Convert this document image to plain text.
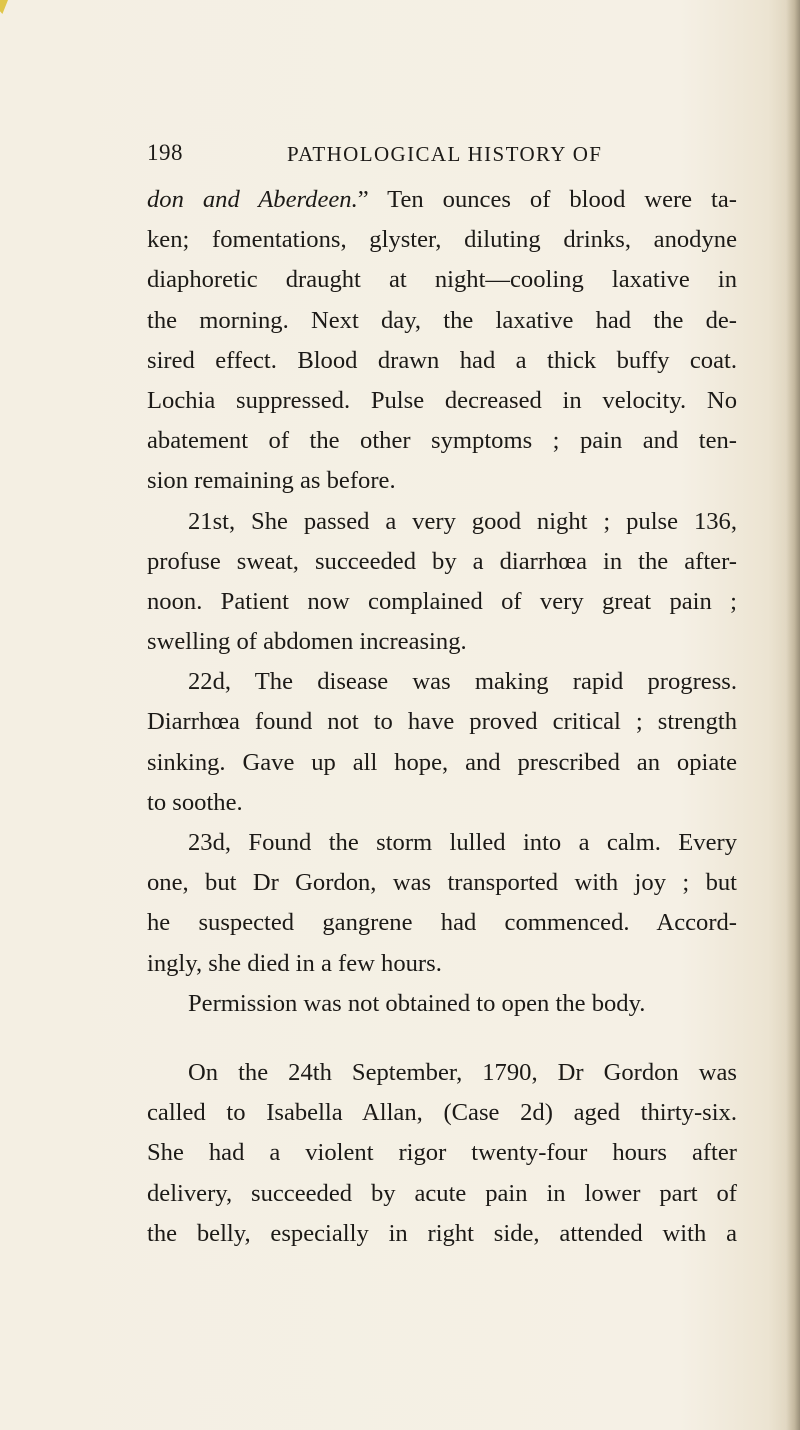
198	PATHOLOGICAL HISTORY OF
don and Aberdeen.” Ten ounces of blood were ta-
ken; fomentations, glyster, diluting drinks, anodyne
diaphoretic draught at night—cooling laxative in
the morning. Next day, the laxative had the de-
sired effect. Blood drawn had a thick buffy coat.
Lochia suppressed. Pulse decreased in velocity. No
abatement of the other symptoms ; pain and ten-
sion remaining as before.
21st, She passed a very good night ; pulse 136,
profuse sweat, succeeded by a diarrhœa in the after-
noon. Patient now complained of very great pain ;
swelling of abdomen increasing.
22d, The disease was making rapid progress.
Diarrhœa found not to have proved critical ; strength
sinking. Gave up all hope, and prescribed an opiate
to soothe.
23d, Found the storm lulled into a calm. Every
one, but Dr Gordon, was transported with joy ; but
he suspected gangrene had commenced. Accord-
ingly, she died in a few hours.
Permission was not obtained to open the body.
On the 24th September, 1790, Dr Gordon was
called to Isabella Allan, (Case 2d) aged thirty-six.
She had a violent rigor twenty-four hours after
delivery, succeeded by acute pain in lower part of
the belly, especially in right side, attended with a
